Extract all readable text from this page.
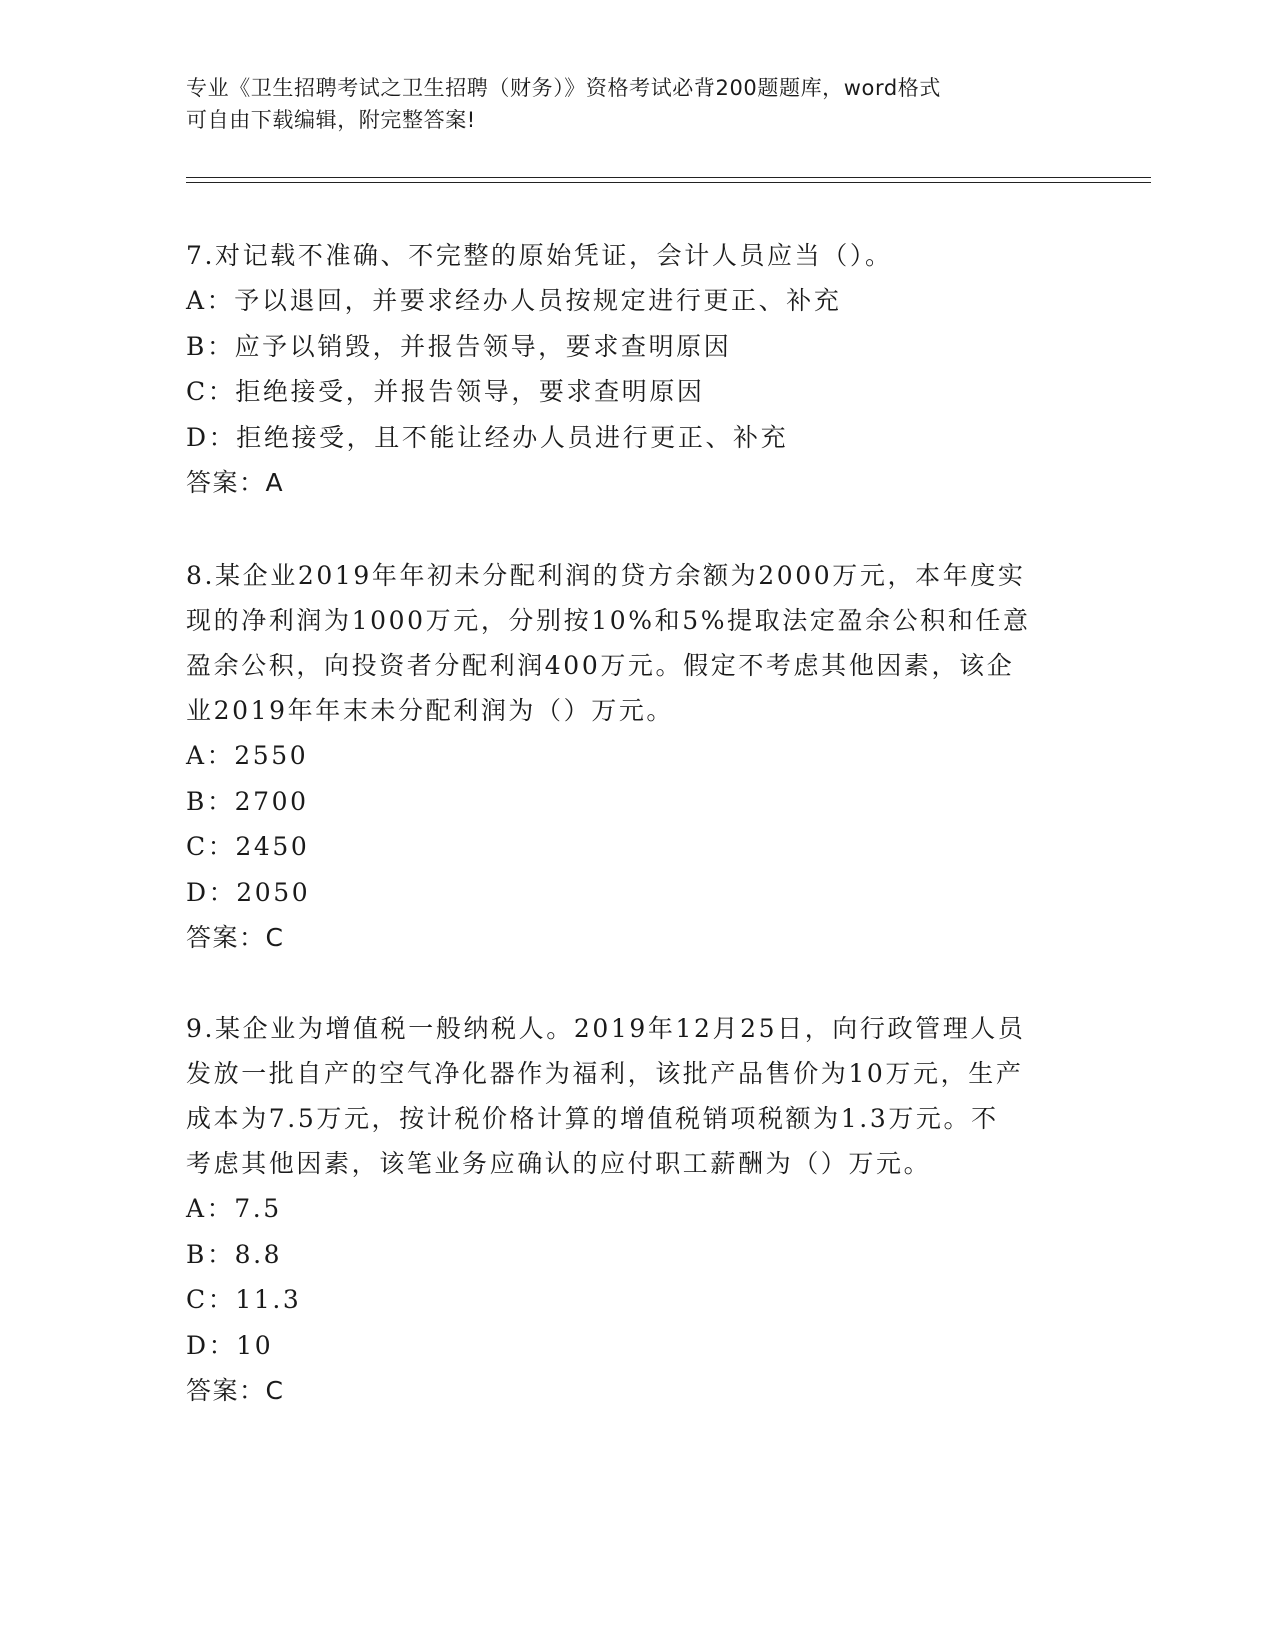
专业《卫生招聘考试之卫生招聘（财务）》资格考试必背200题题库，word格式
可自由下载编辑，附完整答案!
7.对记载不准确、不完整的原始凭证，会计人员应当（）。
A：予以退回，并要求经办人员按规定进行更正、补充
B：应予以销毁，并报告领导，要求查明原因
C：拒绝接受，并报告领导，要求查明原因
D：拒绝接受，且不能让经办人员进行更正、补充
答案：A
8.某企业2019年年初未分配利润的贷方余额为2000万元，本年度实
现的净利润为1000万元，分别按10%和5%提取法定盈余公积和任意
盈余公积，向投资者分配利润400万元。假定不考虑其他因素，该企
业2019年年末未分配利润为（）万元。
A：2550
B：2700
C：2450
D：2050
答案：C
9.某企业为增值税一般纳税人。2019年12月25日，向行政管理人员
发放一批自产的空气净化器作为福利，该批产品售价为10万元，生产
成本为7.5万元，按计税价格计算的增值税销项税额为1.3万元。不
考虑其他因素，该笔业务应确认的应付职工薪酬为（）万元。
A：7.5
B：8.8
C：11.3
D：10
答案：C
